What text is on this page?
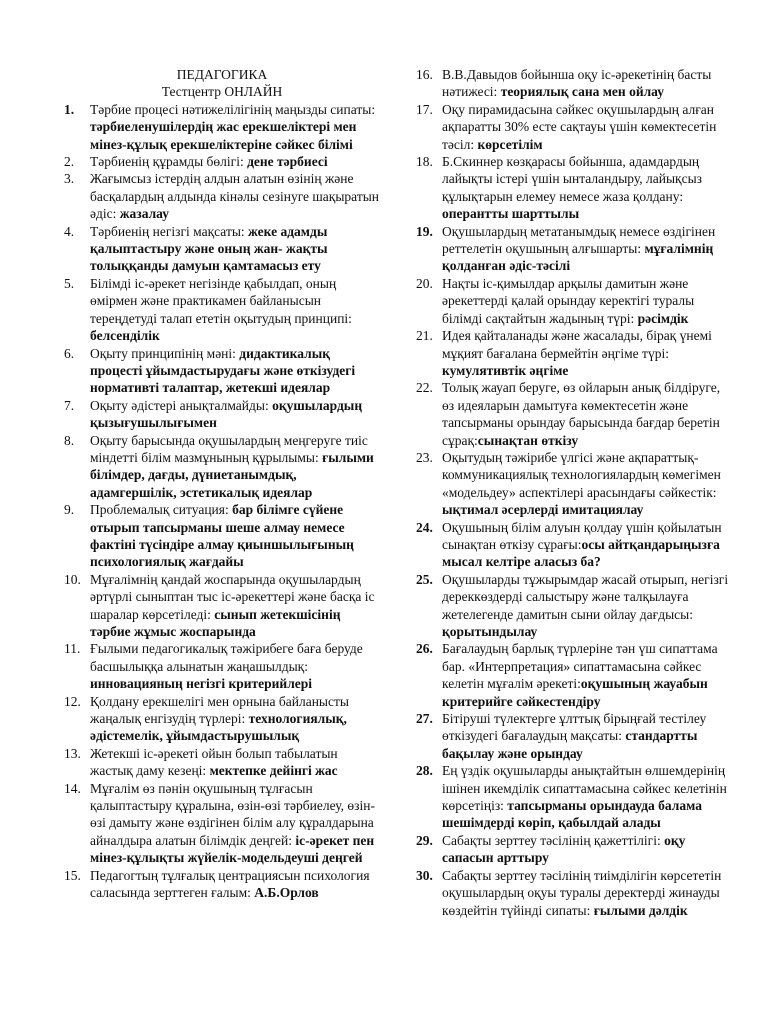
ПЕДАГОГИКА
Тестцентр ОНЛАЙН
1.	Тәрбие процесі нәтижелілігінің маңызды сипаты: тәрбиеленушілердің жас ерекшеліктері мен мінез-құлық ерекшеліктеріне сәйкес білімі
2.	Тәрбиенің құрамды бөлігі: дене тәрбиесі
3.	Жағымсыз істердің алдын алатын өзінің және басқалардың алдында кінәлы сезінуге шақыратын әдіс: жазалау
4.	Тәрбиенің негізгі мақсаты: жеке адамды қалыптастыру және оның жан- жақты толыққанды дамуын қамтамасыз ету
5.	Білімді іс-әрекет негізінде қабылдап, оның өмірмен және практикамен байланысын тереңдетуді талап ететін оқытудың принципі: белсенділік
6.	Оқыту принципінің мәні: дидактикалық процесті ұйымдастырудағы және өткізудегі нормативті талаптар, жетекші идеялар
7.	Оқыту әдістері анықталмайды: оқушылардың қызығушылығымен
8.	Оқыту барысында оқушылардың меңгеруге тиіс міндетті білім мазмұнының құрылымы: ғылыми білімдер, дағды, дүниетанымдық, адамгершілік, эстетикалық идеялар
9.	Проблемалық ситуация: бар білімге сүйене отырып тапсырманы шеше алмау немесе фактіні түсіндіре алмау қиыншылығының психологиялық жағдайы
10. Мұғалімнің қандай жоспарында оқушылардың әртүрлі сыныптан тыс іс-әрекеттері және басқа іс шаралар көрсетіледі: сынып жетекшісінің тәрбие жұмыс жоспарында
11. Ғылыми педагогикалық тәжірибеге баға беруде басшылыққа алынатын жаңашылдық: инновацияның негізгі критерийлері
12. Қолдану ерекшелігі мен орнына байланысты жаңалық енгізудің түрлері: технологиялық, әдістемелік, ұйымдастырушылық
13. Жетекші іс-әрекеті ойын болып табылатын жастық даму кезеңі: мектепке дейінгі жас
14. Мұғалім өз пәнін оқушының тұлғасын қалыптастыру құралына, өзін-өзі тәрбиелеу, өзін-өзі дамыту және өздігінен білім алу құралдарына айналдыра алатын білімдік деңгей: іс-әрекет пен мінез-құлықты жүйелік-модельдеуші деңгей
15. Педагогтың тұлғалық центрациясын психология саласында зерттеген ғалым: А.Б.Орлов
16. В.В.Давыдов бойынша оқу іс-әрекетінің басты нәтижесі: теориялық сана мен ойлау
17. Оқу пирамидасына сәйкес оқушылардың алған ақпаратты 30% есте сақтауы үшін көмектесетін тәсіл: көрсетілім
18. Б.Скиннер көзқарасы бойынша, адамдардың лайықты істері үшін ынталандыру, лайықсыз құлықтарын елемеу немесе жаза қолдану: оперантты шарттылы
19. Оқушылардың метатанымдық немесе өздігінен реттелетін оқушының алғышарты: мұғалімнің қолданған әдіс-тәсілі
20. Нақты іс-қимылдар арқылы дамитын және әрекеттерді қалай орындау керектігі туралы білімді сақтайтын жадының түрі: рәсімдік
21. Идея қайталанады және жасалады, бірақ үнемі мұқият бағалана бермейтін әңгіме түрі: кумулятивтік әңгіме
22. Толық жауап беруге, өз ойларын анық білдіруге, өз идеяларын дамытуға көмектесетін және тапсырманы орындау барысында бағдар беретін сұрақ:сынақтан өткізу
23. Оқытудың тәжірибе үлгісі және ақпараттық-коммуникациялық технологиялардың көмегімен «модельдеу» аспектілері арасындағы сәйкестік: ықтимал әсерлерді имитациялау
24. Оқушының білім алуын қолдау үшін қойылатын сынақтан өткізу сұрағы:осы айтқандарыңызға мысал келтіре аласыз ба?
25. Оқушыларды тұжырымдар жасай отырып, негізгі дереккөздерді салыстыру және талқылауға жетелегенде дамитын сыни ойлау дағдысы: қорытындылау
26. Бағалаудың барлық түрлеріне тән үш сипаттама бар. «Интерпретация» сипаттамасына сәйкес келетін мұғалім әрекеті:оқушының жауабын критерийге сәйкестендіру
27. Бітіруші түлектерге ұлттық бірыңғай тестілеу өткізудегі бағалаудың мақсаты: стандартты бақылау және орындау
28. Ең үздік оқушыларды анықтайтын өлшемдерінің ішінен икемділік сипаттамасына сәйкес келетінін көрсетіңіз: тапсырманы орындауда балама шешімдерді көріп, қабылдай алады
29. Сабақты зерттеу тәсілінің қажеттілігі: оқу сапасын арттыру
30. Сабақты зерттеу тәсілінің тиімділігін көрсететін оқушылардың оқуы туралы деректерді жинауды көздейтін түйінді сипаты: ғылыми дәлдік
